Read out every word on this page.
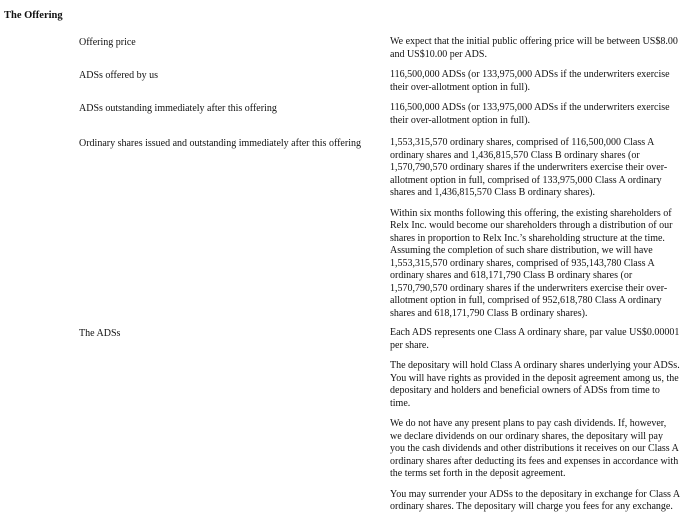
The Offering
Offering price	We expect that the initial public offering price will be between US$8.00 and US$10.00 per ADS.

ADSs offered by us	116,500,000 ADSs (or 133,975,000 ADSs if the underwriters exercise their over-allotment option in full).

ADSs outstanding immediately after this offering	116,500,000 ADSs (or 133,975,000 ADSs if the underwriters exercise their over-allotment option in full).

Ordinary shares issued and outstanding immediately after this offering	1,553,315,570 ordinary shares, comprised of 116,500,000 Class A ordinary shares and 1,436,815,570 Class B ordinary shares (or 1,570,790,570 ordinary shares if the underwriters exercise their over-allotment option in full, comprised of 133,975,000 Class A ordinary shares and 1,436,815,570 Class B ordinary shares).

Within six months following this offering, the existing shareholders of Relx Inc. would become our shareholders through a distribution of our shares in proportion to Relx Inc.’s shareholding structure at the time. Assuming the completion of such share distribution, we will have 1,553,315,570 ordinary shares, comprised of 935,143,780 Class A ordinary shares and 618,171,790 Class B ordinary shares (or 1,570,790,570 ordinary shares if the underwriters exercise their over-allotment option in full, comprised of 952,618,780 Class A ordinary shares and 618,171,790 Class B ordinary shares).

The ADSs	Each ADS represents one Class A ordinary share, par value US$0.00001 per share.

The depositary will hold Class A ordinary shares underlying your ADSs. You will have rights as provided in the deposit agreement among us, the depositary and holders and beneficial owners of ADSs from time to time.

We do not have any present plans to pay cash dividends. If, however, we declare dividends on our ordinary shares, the depositary will pay you the cash dividends and other distributions it receives on our Class A ordinary shares after deducting its fees and expenses in accordance with the terms set forth in the deposit agreement.

You may surrender your ADSs to the depositary in exchange for Class A ordinary shares. The depositary will charge you fees for any exchange.
